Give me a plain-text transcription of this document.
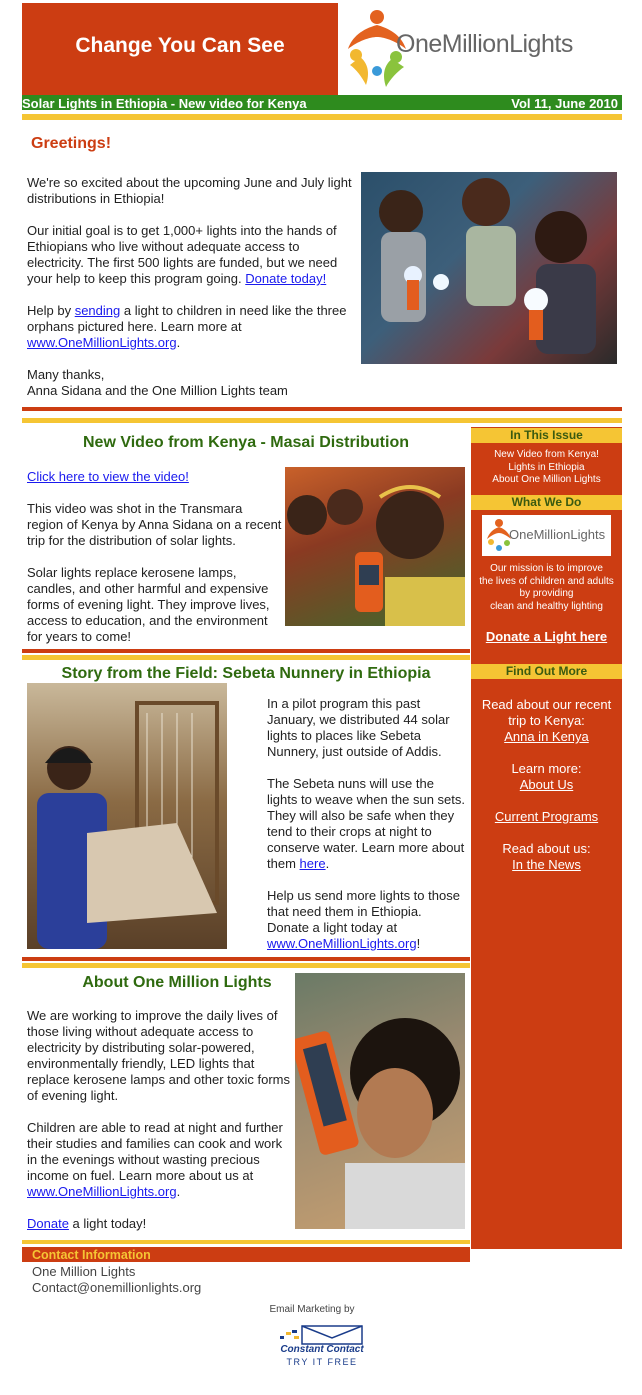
Change You Can See	OneMillionLights
Solar Lights in Ethiopia - New video for Kenya	Vol 11, June 2010
Greetings!
We're so excited about the upcoming June and July light distributions in Ethiopia!
Our initial goal is to get 1,000+ lights into the hands of Ethiopians who live without adequate access to electricity. The first 500 lights are funded, but we need your help to keep this program going. Donate today!
Help by sending a light to children in need like the three orphans pictured here. Learn more at www.OneMillionLights.org.
Many thanks,
Anna Sidana and the One Million Lights team
New Video from Kenya - Masai Distribution
Click here to view the video!
This video was shot in the Transmara region of Kenya by Anna Sidana on a recent trip for the distribution of solar lights.
Solar lights replace kerosene lamps, candles, and other harmful and expensive forms of evening light. They improve lives, access to education, and the environment for years to come!
In This Issue
New Video from Kenya!
Lights in Ethiopia
About One Million Lights
What We Do
OneMillionLights
Our mission is to improve
the lives of children and adults
by providing
clean and healthy lighting
Donate a Light here
Find Out More
Read about our recent trip to Kenya:
Anna in Kenya
Learn more:
About Us
Current Programs
Read about us:
In the News
Story from the Field: Sebeta Nunnery in Ethiopia
In a pilot program this past January, we distributed 44 solar lights to places like Sebeta Nunnery, just outside of Addis.
The Sebeta nuns will use the lights to weave when the sun sets. They will also be safe when they tend to their crops at night to conserve water. Learn more about them here.
Help us send more lights to those that need them in Ethiopia. Donate a light today at www.OneMillionLights.org!
About One Million Lights
We are working to improve the daily lives of those living without adequate access to electricity by distributing solar-powered, environmentally friendly, LED lights that replace kerosene lamps and other toxic forms of evening light.
Children are able to read at night and further their studies and families can cook and work in the evenings without wasting precious income on fuel. Learn more about us at www.OneMillionLights.org.
Donate a light today!
Contact Information
One Million Lights
Contact@onemillionlights.org
Email Marketing by
Constant Contact
TRY IT FREE
